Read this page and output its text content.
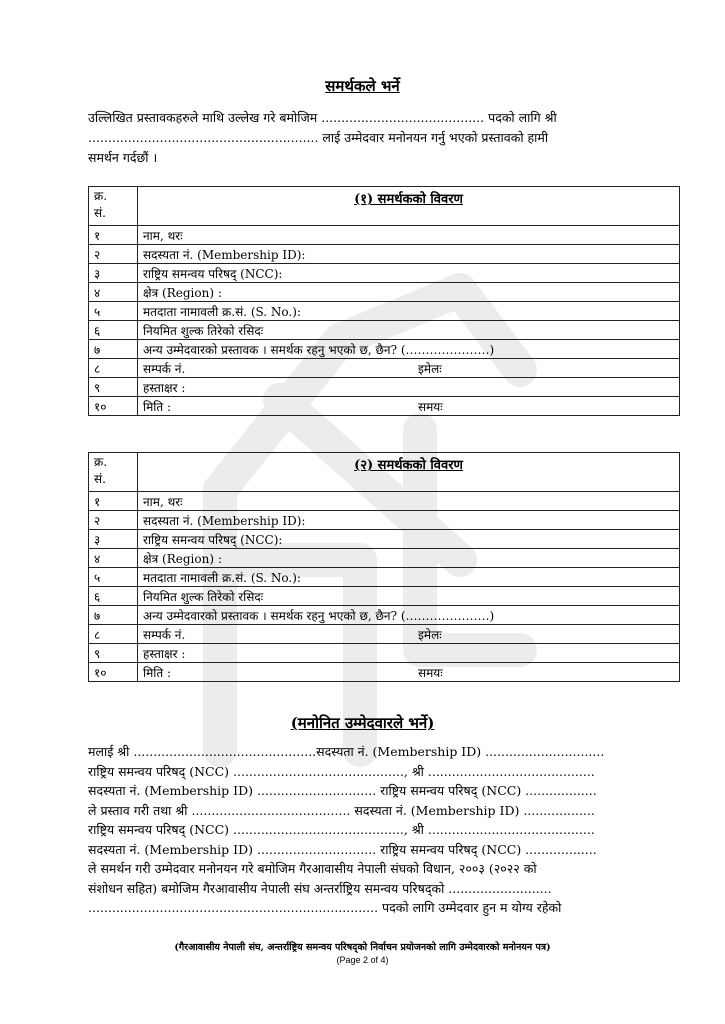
समर्थकले भर्ने
उल्लिखित प्रस्तावकहरुले माथि उल्लेख गरे बमोजिम ......................................... पदको लागि श्री
.......................................................... लाई उम्मेदवार मनोनयन गर्नु भएको प्रस्तावको हामी
समर्थन गर्दछौं ।
क्र.
सं.	(१) समर्थकको विवरण
१	नाम, थरः
२	सदस्यता नं. (Membership ID):
३	राष्ट्रिय समन्वय परिषद् (NCC):
४	क्षेत्र (Region) :
५	मतदाता नामावली क्र.सं. (S. No.):
६	नियमित शुल्क तिरेको रसिदः
७	अन्य उम्मेदवारको प्रस्तावक । समर्थक रहनु भएको छ, छैन? (…………………)
८	सम्पर्क नं. इमेलः

९	हस्ताक्षर :
१०	मिति : समयः
क्र.
सं.	(२) समर्थकको विवरण
१	नाम, थरः
२	सदस्यता नं. (Membership ID):
३	राष्ट्रिय समन्वय परिषद् (NCC):
४	क्षेत्र (Region) :
५	मतदाता नामावली क्र.सं. (S. No.):
६	नियमित शुल्क तिरेको रसिदः
७	अन्य उम्मेदवारको प्रस्तावक । समर्थक रहनु भएको छ, छैन? (…………………)
८	सम्पर्क नं. इमेलः

९	हस्ताक्षर :
१०	मिति : समयः
(मनोनित उम्मेदवारले भर्ने)
मलाई श्री ..............................................सदस्यता नं. (Membership ID) ..............................
राष्ट्रिय समन्वय परिषद् (NCC) ..........................................., श्री ..........................................
सदस्यता नं. (Membership ID) .............................. राष्ट्रिय समन्वय परिषद् (NCC) ..................
ले प्रस्ताव गरी तथा श्री ........................................ सदस्यता नं. (Membership ID) ..................
राष्ट्रिय समन्वय परिषद् (NCC) ..........................................., श्री ..........................................
सदस्यता नं. (Membership ID) .............................. राष्ट्रिय समन्वय परिषद् (NCC) ..................
ले समर्थन गरी उम्मेदवार मनोनयन गरे बमोजिम गैरआवासीय नेपाली संघको विधान, २००३ (२०२२ को
संशोधन सहित) बमोजिम गैरआवासीय नेपाली संघ अन्तर्राष्ट्रिय समन्वय परिषद्को ..........................
......................................................................... पदको लागि उम्मेदवार हुन म योग्य रहेको
(गैरआवासीय नेपाली संघ, अन्तर्राष्ट्रिय समन्वय परिषद्को निर्वाचन प्रयोजनको लागि उम्मेदवारको मनोनयन पत्र)
(Page 2 of 4)
